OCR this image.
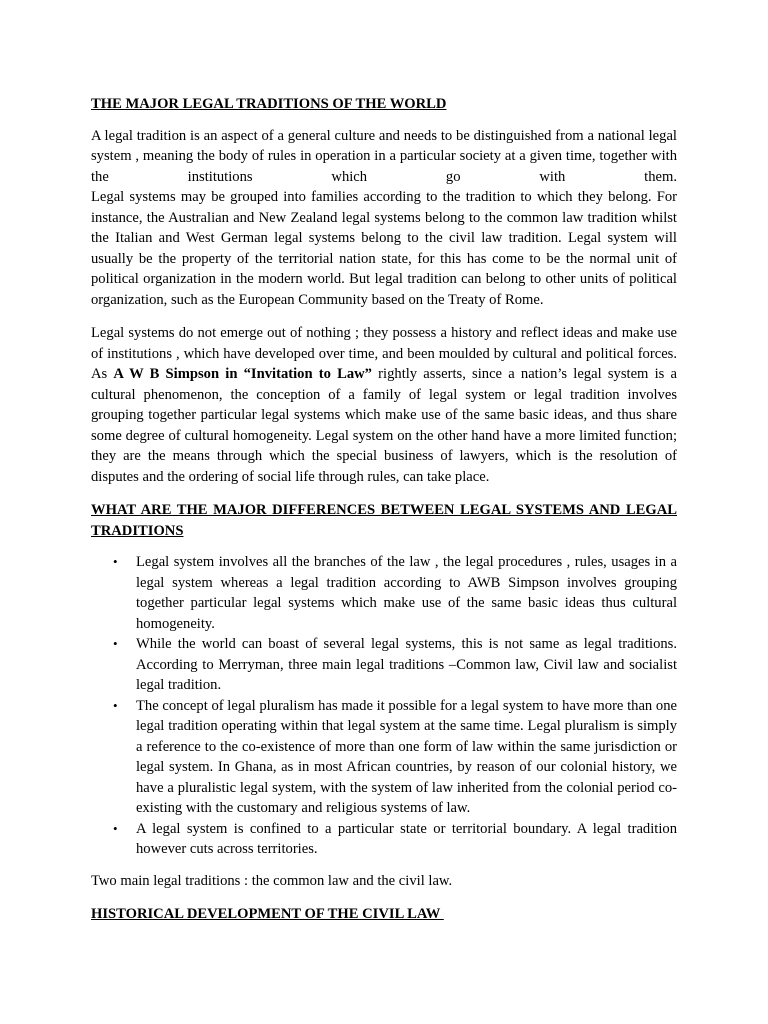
THE MAJOR LEGAL TRADITIONS OF THE WORLD

A legal tradition is an aspect of a general culture and needs to be distinguished from a national legal system , meaning the body of rules in operation in a particular society at a given time, together with the institutions which go with them.
Legal systems may be grouped into families according to the tradition to which they belong. For instance, the Australian and New Zealand legal systems belong to the common law tradition whilst the Italian and West German legal systems belong to the civil law tradition. Legal system will usually be the property of the territorial nation state, for this has come to be the normal unit of political organization in the modern world. But legal tradition can belong to other units of political organization, such as the European Community based on the Treaty of Rome.

Legal systems do not emerge out of nothing ; they possess a history and reflect ideas and make use of institutions , which have developed over time, and been moulded by cultural and political forces. As A W B Simpson in “Invitation to Law” rightly asserts, since a nation’s legal system is a cultural phenomenon, the conception of a family of legal system or legal tradition involves grouping together particular legal systems which make use of the same basic ideas, and thus share some degree of cultural homogeneity. Legal system on the other hand have a more limited function; they are the means through which the special business of lawyers, which is the resolution of disputes and the ordering of social life through rules, can take place.

WHAT ARE THE MAJOR DIFFERENCES BETWEEN LEGAL SYSTEMS AND LEGAL TRADITIONS
• Legal system involves all the branches of the law , the legal procedures , rules, usages in a legal system whereas a legal tradition according to AWB Simpson involves grouping together particular legal systems which make use of the same basic ideas thus cultural homogeneity.
• While the world can boast of several legal systems, this is not same as legal traditions. According to Merryman, three main legal traditions –Common law, Civil law and socialist legal tradition.
• The concept of legal pluralism has made it possible for a legal system to have more than one legal tradition operating within that legal system at the same time. Legal pluralism is simply a reference to the co-existence of more than one form of law within the same jurisdiction or legal system. In Ghana, as in most African countries, by reason of our colonial history, we have a pluralistic legal system, with the system of law inherited from the colonial period co-existing with the customary and religious systems of law.
• A legal system is confined to a particular state or territorial boundary. A legal tradition however cuts across territories.

Two main legal traditions : the common law and the civil law.

HISTORICAL DEVELOPMENT OF THE CIVIL LAW
